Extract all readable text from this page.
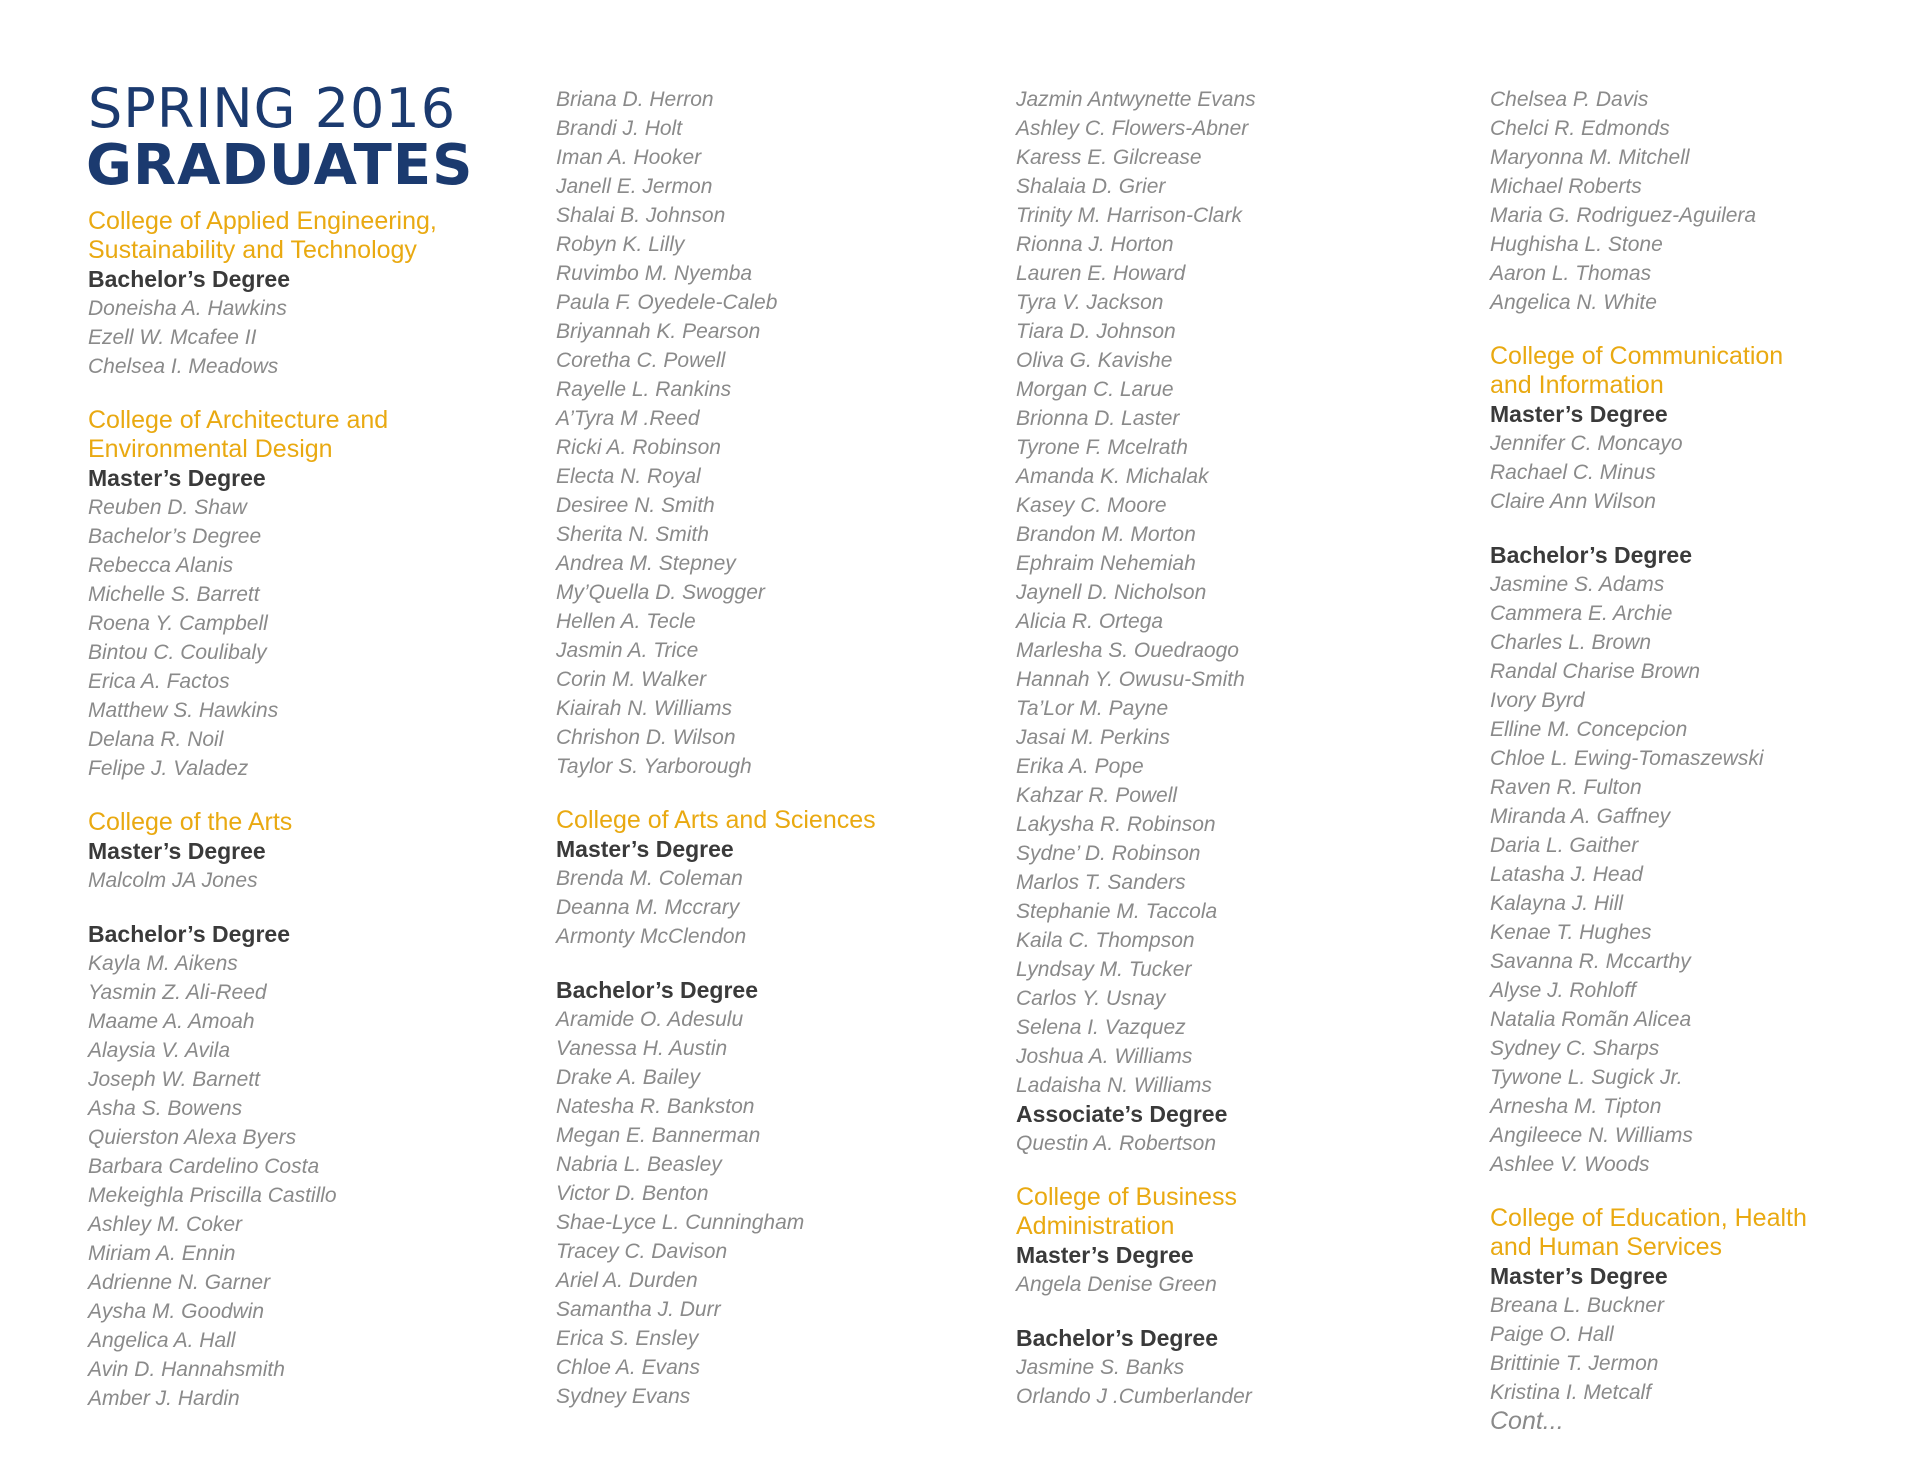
SPRING 2016
GRADUATES
College of Applied Engineering,
Sustainability and Technology
Bachelor’s Degree
Doneisha A. Hawkins
Ezell W. Mcafee II
Chelsea I. Meadows
College of Architecture and
Environmental Design
Master’s Degree
Reuben D. Shaw
Bachelor’s Degree
Rebecca Alanis
Michelle S. Barrett
Roena Y. Campbell
Bintou C. Coulibaly
Erica A. Factos
Matthew S. Hawkins
Delana R. Noil
Felipe J. Valadez
College of the Arts
Master’s Degree
Malcolm JA Jones
Bachelor’s Degree
Kayla M. Aikens
Yasmin Z. Ali-Reed
Maame A. Amoah
Alaysia V. Avila
Joseph W. Barnett
Asha S. Bowens
Quierston Alexa Byers
Barbara Cardelino Costa
Mekeighla Priscilla Castillo
Ashley M. Coker
Miriam A. Ennin
Adrienne N. Garner
Aysha M. Goodwin
Angelica A. Hall
Avin D. Hannahsmith
Amber J. Hardin
Briana D. Herron
Brandi J. Holt
Iman A. Hooker
Janell E. Jermon
Shalai B. Johnson
Robyn K. Lilly
Ruvimbo M. Nyemba
Paula F. Oyedele-Caleb
Briyannah K. Pearson
Coretha C. Powell
Rayelle L. Rankins
A’Tyra M .Reed
Ricki A. Robinson
Electa N. Royal
Desiree N. Smith
Sherita N. Smith
Andrea M. Stepney
My’Quella D. Swogger
Hellen A. Tecle
Jasmin A. Trice
Corin M. Walker
Kiairah N. Williams
Chrishon D. Wilson
Taylor S. Yarborough
College of Arts and Sciences
Master’s Degree
Brenda M. Coleman
Deanna M. Mccrary
Armonty McClendon
Bachelor’s Degree
Aramide O. Adesulu
Vanessa H. Austin
Drake A. Bailey
Natesha R. Bankston
Megan E. Bannerman
Nabria L. Beasley
Victor D. Benton
Shae-Lyce L. Cunningham
Tracey C. Davison
Ariel A. Durden
Samantha J. Durr
Erica S. Ensley
Chloe A. Evans
Sydney Evans
Jazmin Antwynette Evans
Ashley C. Flowers-Abner
Karess E. Gilcrease
Shalaia D. Grier
Trinity M. Harrison-Clark
Rionna J. Horton
Lauren E. Howard
Tyra V. Jackson
Tiara D. Johnson
Oliva G. Kavishe
Morgan C. Larue
Brionna D. Laster
Tyrone F. Mcelrath
Amanda K. Michalak
Kasey C. Moore
Brandon M. Morton
Ephraim Nehemiah
Jaynell D. Nicholson
Alicia R. Ortega
Marlesha S. Ouedraogo
Hannah Y. Owusu-Smith
Ta’Lor M. Payne
Jasai M. Perkins
Erika A. Pope
Kahzar R. Powell
Lakysha R. Robinson
Sydne’ D. Robinson
Marlos T. Sanders
Stephanie M. Taccola
Kaila C. Thompson
Lyndsay M. Tucker
Carlos Y. Usnay
Selena I. Vazquez
Joshua A. Williams
Ladaisha N. Williams
Associate’s Degree
Questin A. Robertson
College of Business
Administration
Master’s Degree
Angela Denise Green
Bachelor’s Degree
Jasmine S. Banks
Orlando J .Cumberlander
Chelsea P. Davis
Chelci R. Edmonds
Maryonna M. Mitchell
Michael Roberts
Maria G. Rodriguez-Aguilera
Hughisha L. Stone
Aaron L. Thomas
Angelica N. White
College of Communication
and Information
Master’s Degree
Jennifer C. Moncayo
Rachael C. Minus
Claire Ann Wilson
Bachelor’s Degree
Jasmine S. Adams
Cammera E. Archie
Charles L. Brown
Randal Charise Brown
Ivory Byrd
Elline M. Concepcion
Chloe L. Ewing-Tomaszewski
Raven R. Fulton
Miranda A. Gaffney
Daria L. Gaither
Latasha J. Head
Kalayna J. Hill
Kenae T. Hughes
Savanna R. Mccarthy
Alyse J. Rohloff
Natalia Romãn Alicea
Sydney C. Sharps
Tywone L. Sugick Jr.
Arnesha M. Tipton
Angileece N. Williams
Ashlee V. Woods
College of Education, Health
and Human Services
Master’s Degree
Breana L. Buckner
Paige O. Hall
Brittinie T. Jermon
Kristina I. Metcalf
Cont...
